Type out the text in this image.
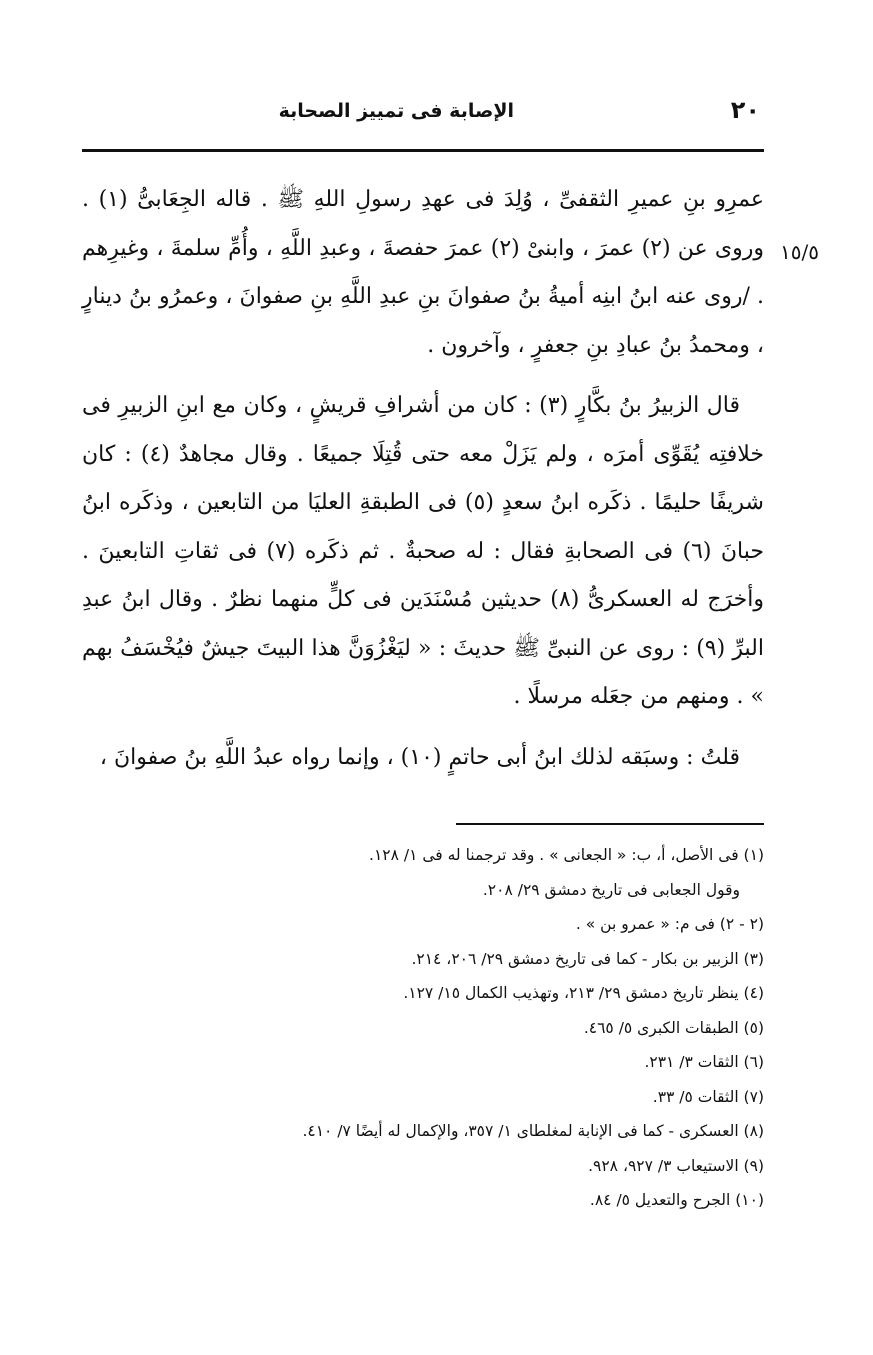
٢٠
الإصابة فى تمييز الصحابة
١٥/٥

عمرِو بنِ عميرِ الثقفىِّ ، وُلِدَ فى عهدِ رسولِ اللهِ ﷺ . قاله الجِعَابىُّ (١) . وروى عن (٢) عمرَ ، وابنىْ (٢) عمرَ حفصةَ ، وعبدِ اللَّهِ ، وأُمِّ سلمةَ ، وغيرِهم . /روى عنه ابنُ ابنِه أميةُ بنُ صفوانَ بنِ عبدِ اللَّهِ بنِ صفوانَ ، وعمرُو بنُ دينارٍ ، ومحمدُ بنُ عبادِ بنِ جعفرٍ ، وآخرون .

قال الزبيرُ بنُ بكَّارٍ (٣) : كان من أشرافِ قريشٍ ، وكان مع ابنِ الزبيرِ فى خلافتِه يُقَوِّى أمرَه ، ولم يَزَلْ معه حتى قُتِلَا جميعًا . وقال مجاهدٌ (٤) : كان شريفًا حليمًا . ذكَره ابنُ سعدٍ (٥) فى الطبقةِ العليَا من التابعين ، وذكَره ابنُ حبانَ (٦) فى الصحابةِ فقال : له صحبةٌ . ثم ذكَره (٧) فى ثقاتِ التابعينَ . وأخرَج له العسكرىُّ (٨) حديثين مُسْنَدَين فى كلٍّ منهما نظرٌ . وقال ابنُ عبدِ البرِّ (٩) : روى عن النبىِّ ﷺ حديثَ : « ليَغْزُوَنَّ هذا البيتَ جيشٌ فيُخْسَفُ بهم » . ومنهم من جعَله مرسلًا .

قلتُ : وسبَقه لذلك ابنُ أبى حاتمٍ (١٠) ، وإنما رواه عبدُ اللَّهِ بنُ صفوانَ ،

(١) فى الأصل، أ، ب: « الجعانى » . وقد ترجمنا له فى ١/ ١٢٨.

وقول الجعابى فى تاريخ دمشق ٢٩/ ٢٠٨.

(٢ - ٢) فى م: « عمرو بن » .

(٣) الزبير بن بكار - كما فى تاريخ دمشق ٢٩/ ٢٠٦، ٢١٤.

(٤) ينظر تاريخ دمشق ٢٩/ ٢١٣، وتهذيب الكمال ١٥/ ١٢٧.

(٥) الطبقات الكبرى ٥/ ٤٦٥.

(٦) الثقات ٣/ ٢٣١.

(٧) الثقات ٥/ ٣٣.

(٨) العسكرى - كما فى الإنابة لمغلطاى ١/ ٣٥٧، والإكمال له أيضًا ٧/ ٤١٠.

(٩) الاستيعاب ٣/ ٩٢٧، ٩٢٨.

(١٠) الجرح والتعديل ٥/ ٨٤.
